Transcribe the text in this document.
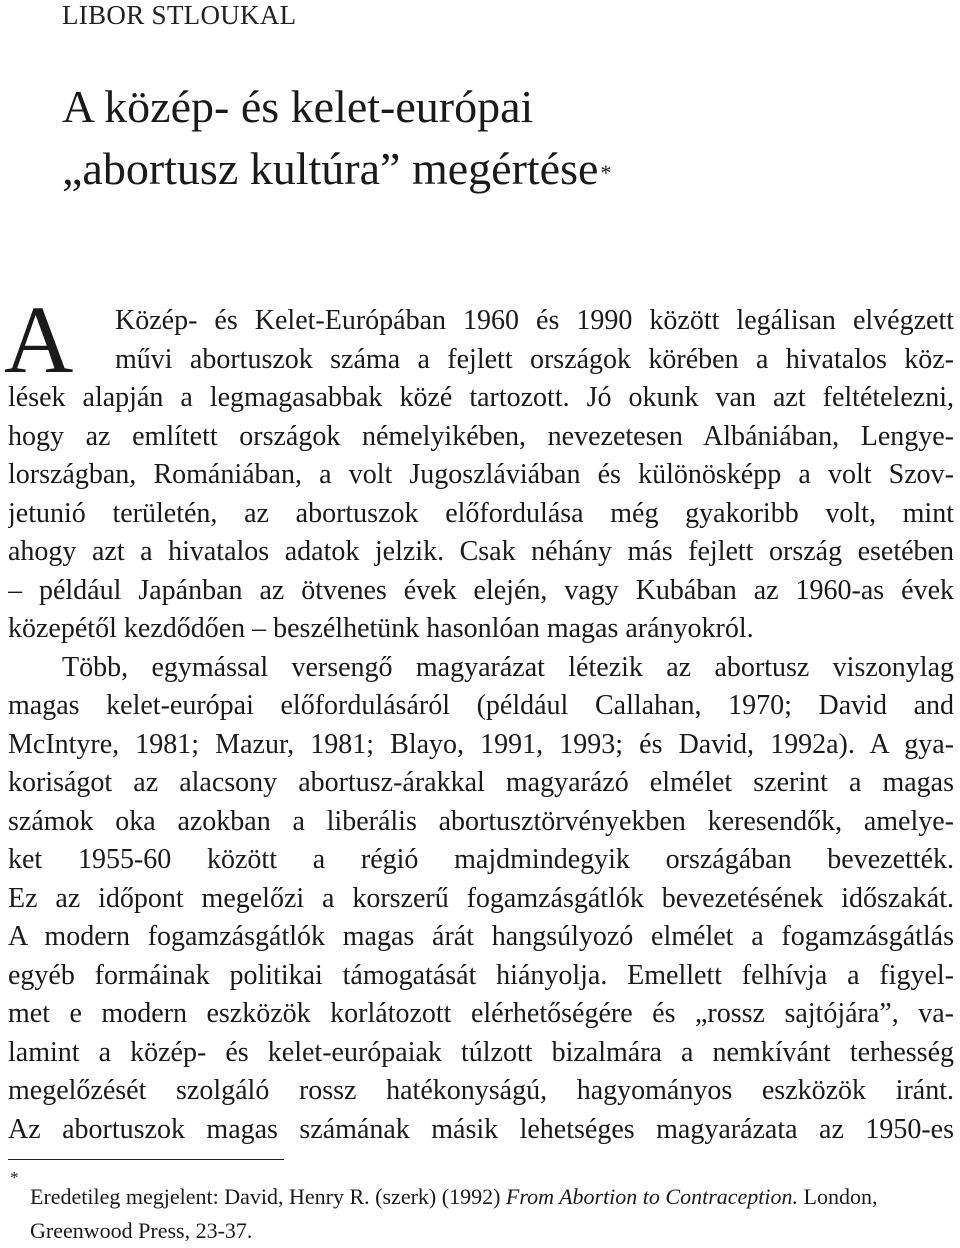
LIBOR STLOUKAL
A közép- és kelet-európai
„abortusz kultúra” megértése*
A	Közép- és Kelet-Európában 1960 és 1990 között legálisan elvégzett
művi abortuszok száma a fejlett országok körében a hivatalos köz-
lések alapján a legmagasabbak közé tartozott. Jó okunk van azt feltételezni,
hogy az említett országok némelyikében, nevezetesen Albániában, Lengye-
lországban, Romániában, a volt Jugoszláviában és különösképp a volt Szov-
jetunió területén, az abortuszok előfordulása még gyakoribb volt, mint
ahogy azt a hivatalos adatok jelzik. Csak néhány más fejlett ország esetében
– például Japánban az ötvenes évek elején, vagy Kubában az 1960-as évek
közepétől kezdődően – beszélhetünk hasonlóan magas arányokról.
Több, egymással versengő magyarázat létezik az abortusz viszonylag
magas kelet-európai előfordulásáról (például Callahan, 1970; David and
McIntyre, 1981; Mazur, 1981; Blayo, 1991, 1993; és David, 1992a). A gya-
koriságot az alacsony abortusz-árakkal magyarázó elmélet szerint a magas
számok oka azokban a liberális abortusztörvényekben keresendők, amelye-
ket 1955-60 között a régió majdmindegyik országában bevezették.
Ez az időpont megelőzi a korszerű fogamzásgátlók bevezetésének időszakát.
A modern fogamzásgátlók magas árát hangsúlyozó elmélet a fogamzásgátlás
egyéb formáinak politikai támogatását hiányolja. Emellett felhívja a figyel-
met e modern eszközök korlátozott elérhetőségére és „rossz sajtójára”, va-
lamint a közép- és kelet-európaiak túlzott bizalmára a nemkívánt terhesség
megelőzését szolgáló rossz hatékonyságú, hagyományos eszközök iránt.
Az abortuszok magas számának másik lehetséges magyarázata az 1950-es
*
Eredetileg megjelent: David, Henry R. (szerk) (1992) From Abortion to Contraception. London,
Greenwood Press, 23-37.
